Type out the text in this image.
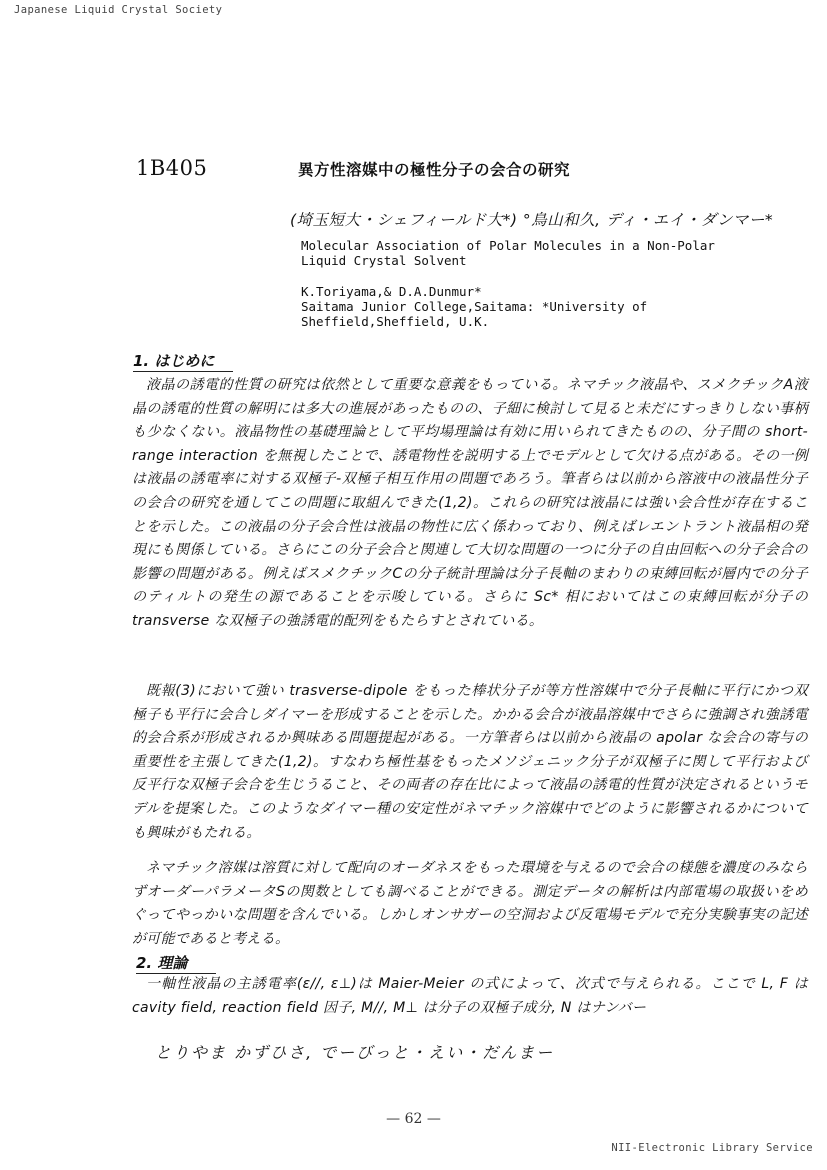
Japanese Liquid Crystal Society
1B405	異方性溶媒中の極性分子の会合の研究
(埼玉短大・シェフィールド大*) °鳥山和久, ディ・エイ・ダンマー*
Molecular Association of Polar Molecules in a Non-Polar
Liquid Crystal Solvent
K.Toriyama,& D.A.Dunmur*
Saitama Junior College,Saitama: *University of
Sheffield,Sheffield, U.K.
1. はじめに
液晶の誘電的性質の研究は依然として重要な意義をもっている。ネマチック液晶や、スメクチックA液晶の誘電的性質の解明には多大の進展があったものの、子細に検討して見ると未だにすっきりしない事柄も少なくない。液晶物性の基礎理論として平均場理論は有効に用いられてきたものの、分子間の short-range interaction を無視したことで、誘電物性を説明する上でモデルとして欠ける点がある。その一例は液晶の誘電率に対する双極子-双極子相互作用の問題であろう。筆者らは以前から溶液中の液晶性分子の会合の研究を通してこの問題に取組んできた(1,2)。これらの研究は液晶には強い会合性が存在することを示した。この液晶の分子会合性は液晶の物性に広く係わっており、例えばレエントラント液晶相の発現にも関係している。さらにこの分子会合と関連して大切な問題の一つに分子の自由回転への分子会合の影響の問題がある。例えばスメクチックCの分子統計理論は分子長軸のまわりの束縛回転が層内での分子のティルトの発生の源であることを示唆している。さらに Sc* 相においてはこの束縛回転が分子の transverse な双極子の強誘電的配列をもたらすとされている。
既報(3)において強い trasverse-dipole をもった棒状分子が等方性溶媒中で分子長軸に平行にかつ双極子も平行に会合しダイマーを形成することを示した。かかる会合が液晶溶媒中でさらに強調され強誘電的会合系が形成されるか興味ある問題提起がある。一方筆者らは以前から液晶の apolar な会合の寄与の重要性を主張してきた(1,2)。すなわち極性基をもったメソジェニック分子が双極子に関して平行および反平行な双極子会合を生じうること、その両者の存在比によって液晶の誘電的性質が決定されるというモデルを提案した。このようなダイマー種の安定性がネマチック溶媒中でどのように影響されるかについても興味がもたれる。
ネマチック溶媒は溶質に対して配向のオーダネスをもった環境を与えるので会合の様態を濃度のみならずオーダーパラメータSの関数としても調べることができる。測定データの解析は内部電場の取扱いをめぐってやっかいな問題を含んでいる。しかしオンサガーの空洞および反電場モデルで充分実験事実の記述が可能であると考える。
2. 理論
一軸性液晶の主誘電率(ε//, ε⊥)は Maier-Meier の式によって、次式で与えられる。ここで L, F は cavity field, reaction field 因子, M//, M⊥ は分子の双極子成分, N はナンバー
とりやま かずひさ, でーびっと・えい・だんまー
— 62 —
NII-Electronic Library Service
